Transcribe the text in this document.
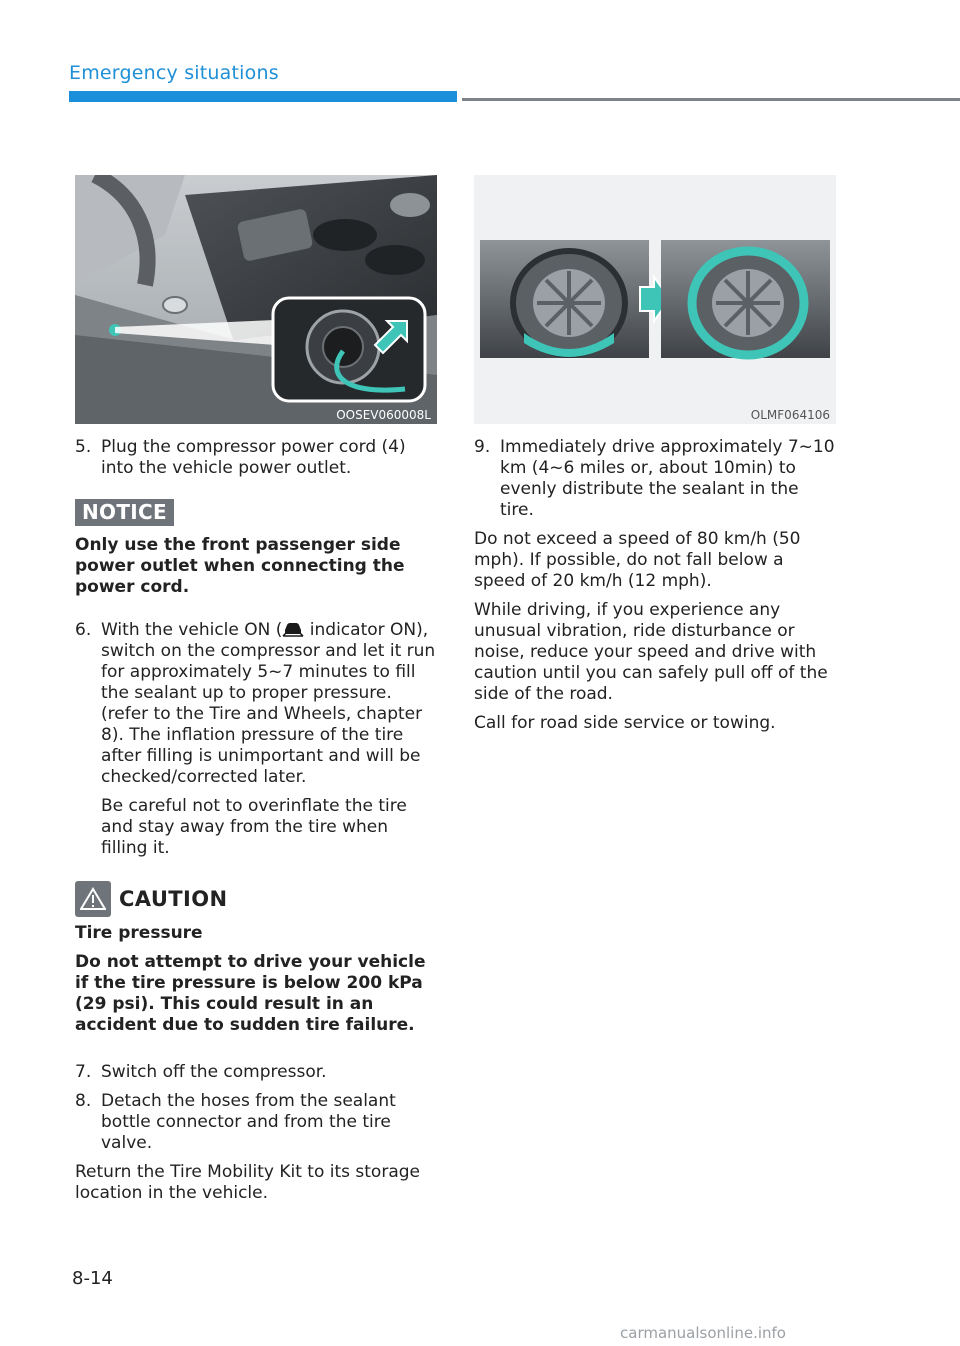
Emergency situations
OOSEV060008L	OLMF064106
5. Plug the compressor power cord (4) into the vehicle power outlet.
NOTICE
Only use the front passenger side power outlet when connecting the power cord.
6. With the vehicle ON ( indicator ON), switch on the compressor and let it run for approximately 5~7 minutes to fill the sealant up to proper pressure. (refer to the Tire and Wheels, chapter 8). The inflation pressure of the tire after filling is unimportant and will be checked/corrected later.
Be careful not to overinflate the tire and stay away from the tire when filling it.
CAUTION
Tire pressure
Do not attempt to drive your vehicle if the tire pressure is below 200 kPa (29 psi). This could result in an accident due to sudden tire failure.
7. Switch off the compressor.
8. Detach the hoses from the sealant bottle connector and from the tire valve.
Return the Tire Mobility Kit to its storage location in the vehicle.
9. Immediately drive approximately 7~10 km (4~6 miles or, about 10min) to evenly distribute the sealant in the tire.
Do not exceed a speed of 80 km/h (50 mph). If possible, do not fall below a speed of 20 km/h (12 mph).
While driving, if you experience any unusual vibration, ride disturbance or noise, reduce your speed and drive with caution until you can safely pull off of the side of the road.
Call for road side service or towing.
8-14
carmanualsonline.info
